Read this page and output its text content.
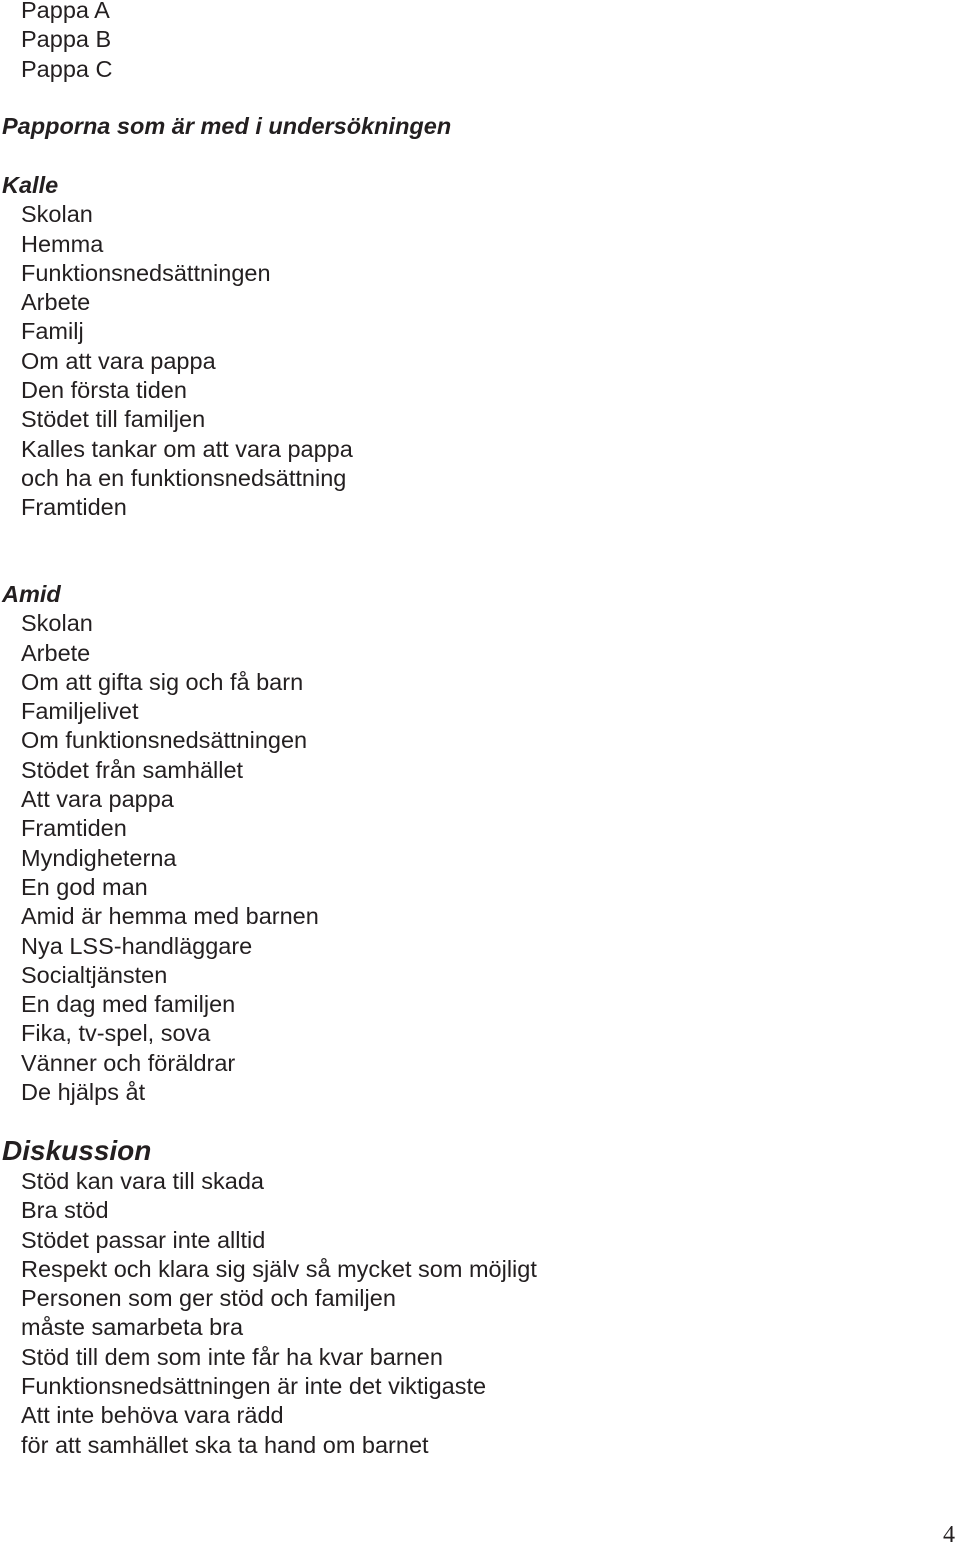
Pappa A
Pappa B
Pappa C

Papporna som är med i undersökningen

Kalle

Skolan
Hemma
Funktionsnedsättningen
Arbete
Familj
Om att vara pappa
Den första tiden
Stödet till familjen
Kalles tankar om att vara pappa
och ha en funktionsnedsättning
Framtiden

Amid

Skolan
Arbete
Om att gifta sig och få barn
Familjelivet
Om funktionsnedsättningen
Stödet från samhället
Att vara pappa
Framtiden
Myndigheterna
En god man
Amid är hemma med barnen
Nya LSS-handläggare
Socialtjänsten
En dag med familjen
Fika, tv-spel, sova
Vänner och föräldrar
De hjälps åt

Diskussion

Stöd kan vara till skada
Bra stöd
Stödet passar inte alltid
Respekt och klara sig själv så mycket som möjligt
Personen som ger stöd och familjen
måste samarbeta bra
Stöd till dem som inte får ha kvar barnen
Funktionsnedsättningen är inte det viktigaste
Att inte behöva vara rädd
för att samhället ska ta hand om barnet
4
